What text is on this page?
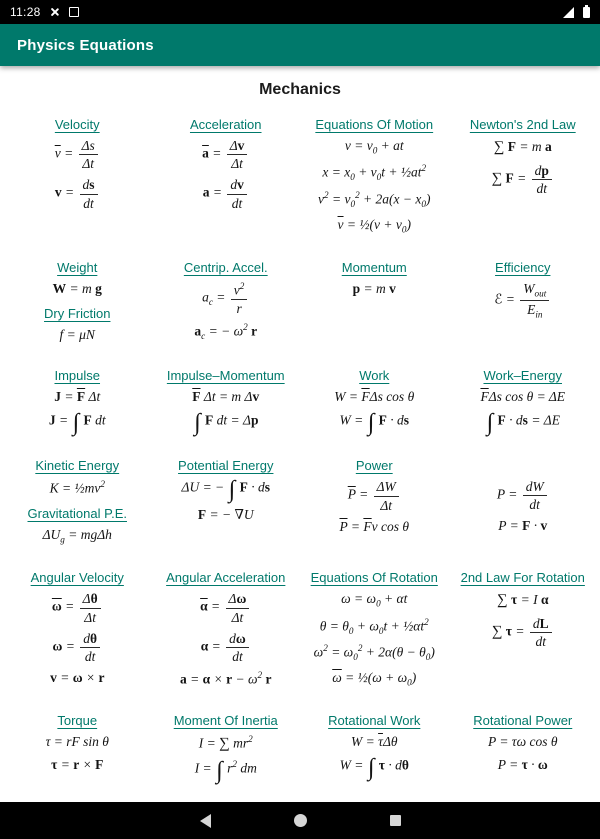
11:28
Physics Equations
Mechanics
Velocity
$\overline{v} = \frac{\Delta s}{\Delta t}$
$v = \frac{ds}{dt}$
Acceleration
$\overline{a} = \frac{\Delta v}{\Delta t}$
$a = \frac{dv}{dt}$
Equations Of Motion
$v = v_0$ + at
$x = x_0 + v_0t$ + $\frac{1}{2}at^2$
$v^2 = v_0^2 + 2a(x - x_0)$
$\overline{v}$ = ½(v + $v_0$)
Newton's 2nd Law
∑ F = m a
∑ $F = \frac{dp}{dt}$
Weight
W = m g
Dry Friction
f = μN
Centrip. Accel.
$a_c = \frac{v^2}{r}$
$a_c$ = − $\omega^2$ r
Momentum
p = m v
Efficiency
ℰ = $\frac{W_{out}}{E_{in}}$
Impulse
$J = \overline{F}$ Δt
J = ∫ F dt
Impulse–Momentum
$\overline{F}$ Δt = m Δv
∫ F dt = Δp
Work
$W = \overline{F}\Delta s$ cos θ
W = ∫ F · ds
Work–Energy
$\overline{F}\Delta s$ cos θ = ΔE
∫ F · ds = ΔE
Kinetic Energy
$K = \frac{1}{2}mv^2$
Gravitational P.E.
$\Delta U_g = mg\Delta h$
Potential Energy
ΔU = − ∫ F · ds
F = − ∇U
Power
$\overline{P} = \frac{\Delta W}{\Delta t}$
$\overline{P} = \overline{F}v$ cos θ
$P = \frac{dW}{dt}$
P = F · v
Angular Velocity
$\overline{\omega} = \frac{\Delta\theta}{\Delta t}$
$\omega = \frac{d\theta}{dt}$
v = ω × r
Angular Acceleration
$\overline{\alpha} = \frac{\Delta\omega}{\Delta t}$
$\alpha = \frac{d\omega}{dt}$
$a = \alpha \times r - \omega^2$ r
Equations Of Rotation
$\omega = \omega_0 + \alpha t$
$\theta = \theta_0 + \omega_0t$ + $\frac{1}{2}\alpha t^2$
$\omega^2 = \omega_0^2 + 2\alpha(\theta - \theta_0)$
$\overline{\omega}$ = ½(ω + $\omega_0$)
2nd Law For Rotation
∑ τ = I α
∑ $\tau = \frac{dL}{dt}$
Torque
τ = rF sin θ
τ = r × F
Moment Of Inertia
I = ∑ $mr^2$
I = ∫ $r^2$ dm
Rotational Work
$W = \overline{\tau}\Delta\theta$
W = ∫ τ · dθ
Rotational Power
P = τω cos θ
P = τ · ω
